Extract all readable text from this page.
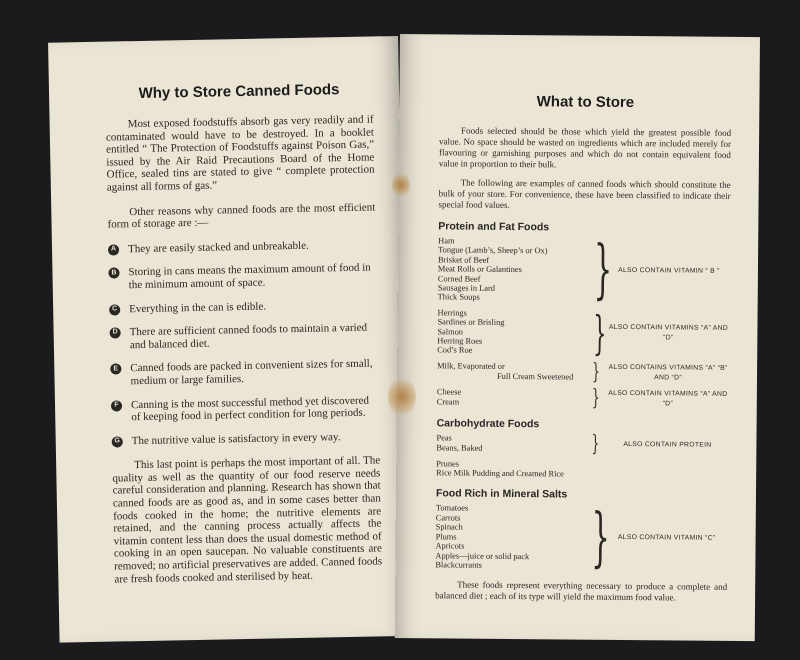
Why to Store Canned Foods

Most exposed foodstuffs absorb gas very readily and if contaminated would have to be destroyed. In a booklet entitled “ The Protection of Foodstuffs against Poison Gas,” issued by the Air Raid Precautions Board of the Home Office, sealed tins are stated to give “ complete protection against all forms of gas.”

Other reasons why canned foods are the most efficient form of storage are :—

A They are easily stacked and unbreakable.
B Storing in cans means the maximum amount of food in the minimum amount of space.
C Everything in the can is edible.
D There are sufficient canned foods to maintain a varied and balanced diet.
E Canned foods are packed in convenient sizes for small, medium or large families.
F	Canning is the most successful method yet discovered of keeping food in perfect condition for long periods.
G The nutritive value is satisfactory in every way.

This last point is perhaps the most important of all. The quality as well as the quantity of our food reserve needs careful consideration and planning. Research has shown that canned foods are as good as, and in some cases better than foods cooked in the home; the nutritive elements are retained, and the canning process actually affects the vitamin content less than does the usual domestic method of cooking in an open saucepan. No valuable constituents are removed; no artificial preservatives are added. Canned foods are fresh foods cooked and sterilised by heat.

What to Store

Foods selected should be those which yield the greatest possible food value. No space should be wasted on ingredients which are included merely for flavouring or garnishing purposes and which do not contain equivalent food value in proportion to their bulk.

The following are examples of canned foods which should constitute the bulk of your store. For convenience, these have been classified to indicate their special food values.

Protein and Fat Foods
Ham
Tongue (Lamb’s, Sheep’s or Ox)
Brisket of Beef
Meat Rolls or Galantines
Corned Beef
Sausages in Lard
Thick Soups	} ALSO CONTAIN VITAMIN “ B ”
Herrings
Sardines or Brisling
Salmon
Herring Roes
Cod’s Roe	} ALSO CONTAIN VITAMINS “A” AND “D”
Milk, Evaporated or
Full Cream Sweetened }	ALSO CONTAINS VITAMINS “A” “B” AND “D”
Cheese
Cream	}	ALSO CONTAIN VITAMINS “A” AND “D”
Carbohydrate Foods
Peas
Beans, Baked	}	ALSO CONTAIN PROTEIN
Prunes
Rice Milk Pudding and Creamed Rice
Food Rich in Mineral Salts
Tomatoes
Carrots
Spinach
Plums
Apricots
Apples—juice or solid pack
Blackcurrants	}	ALSO CONTAIN VITAMIN “C”

These foods represent everything necessary to produce a complete and balanced diet ; each of its type will yield the maximum food value.
